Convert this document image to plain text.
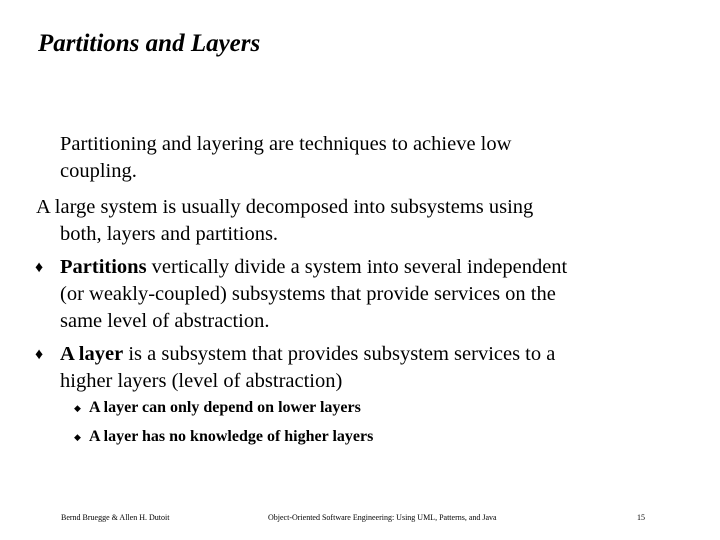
Partitions and Layers
Partitioning and layering are techniques to achieve low
coupling.
A large system is usually decomposed into subsystems using
both, layers and partitions.
♦ Partitions vertically divide a system into several independent
(or weakly-coupled) subsystems that provide services on the
same level of abstraction.
♦ A layer is a subsystem that provides subsystem services to a
higher layers (level of abstraction)
◆ A layer can only depend on lower layers
◆ A layer has no knowledge of higher layers
Bernd Bruegge & Allen H. Dutoit	Object-Oriented Software Engineering: Using UML, Patterns, and Java	15
